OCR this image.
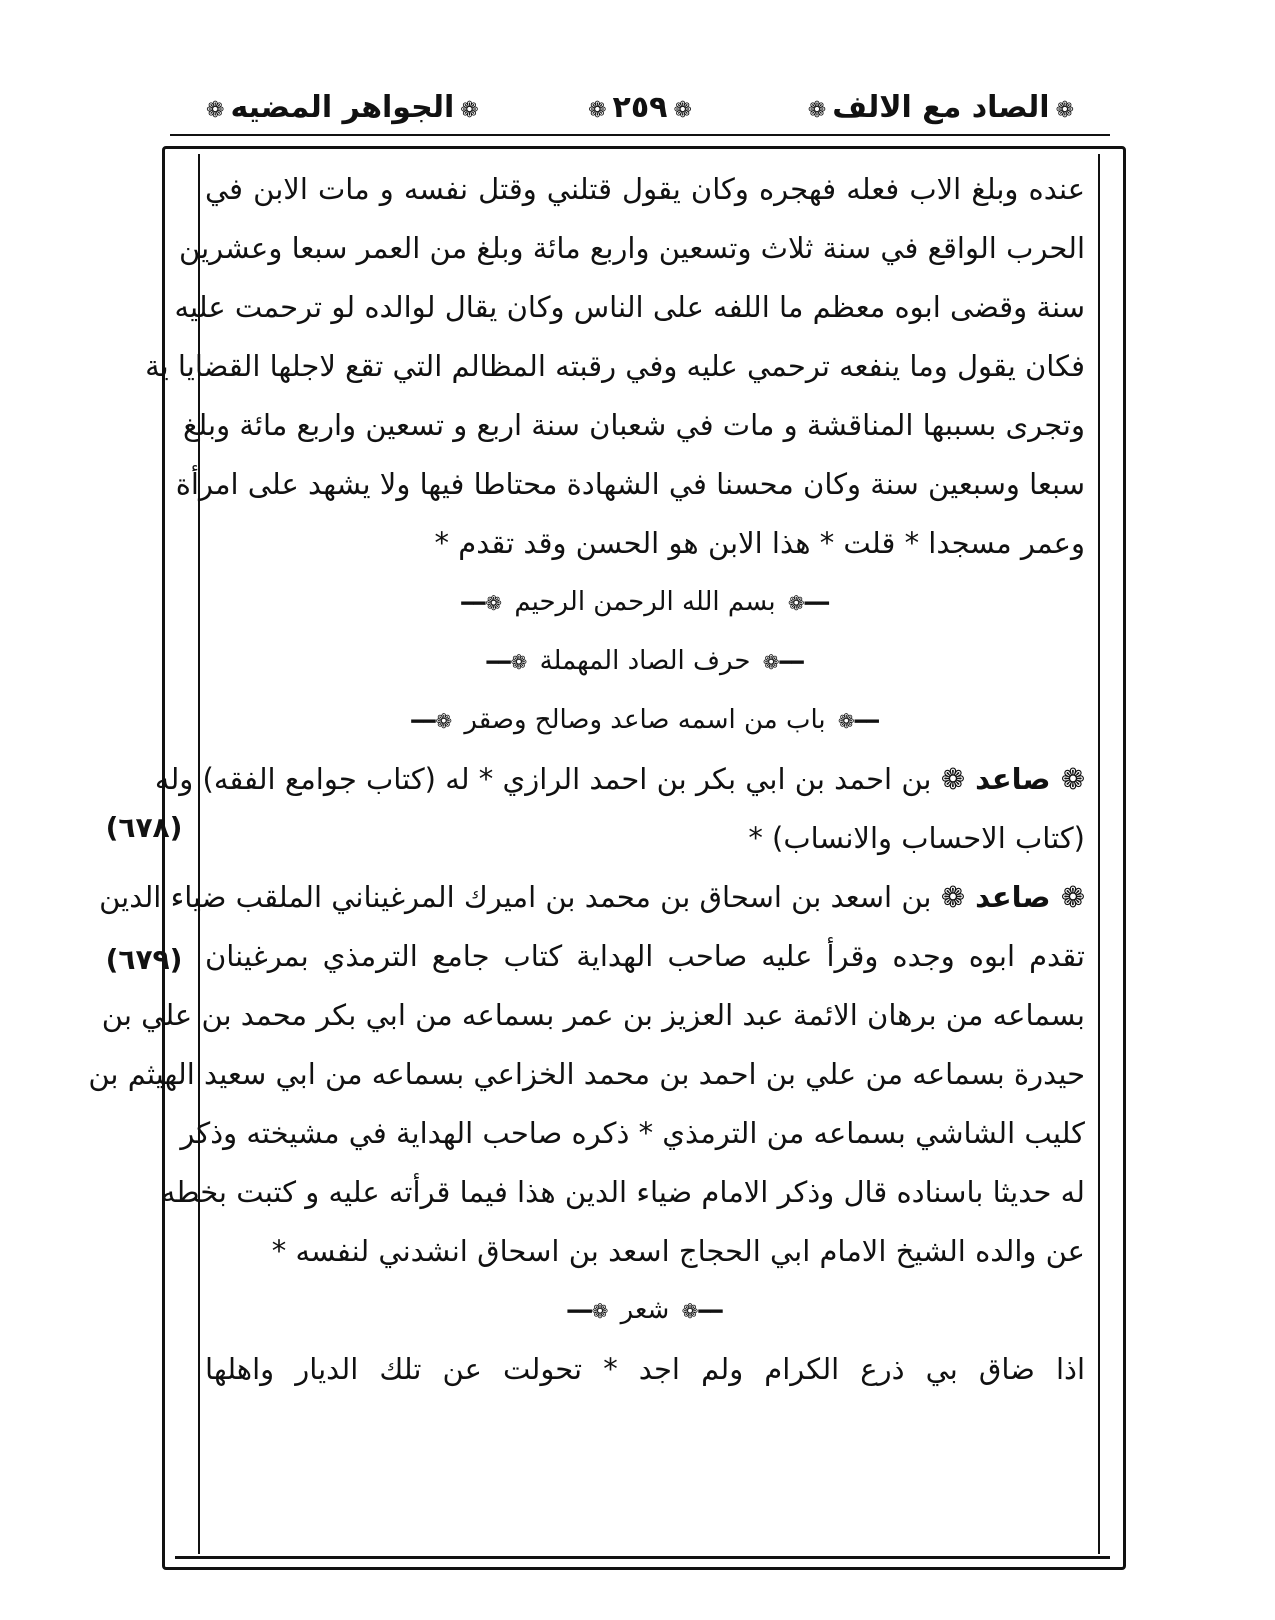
❁الصاد مع الالف❁
❁٢٥٩❁
❁الجواهر المضيه❁
عنده وبلغ الاب فعله فهجره وكان يقول قتلني وقتل نفسه و مات الابن في
الحرب الواقع في سنة ثلاث وتسعين واربع مائة وبلغ من العمر سبعا وعشرين
سنة وقضى ابوه معظم ما اللفه على الناس وكان يقال لوالده لو ترحمت عليه
فكان يقول وما ينفعه ترحمي عليه وفي رقبته المظالم التي تقع لاجلها القضايا ية
وتجرى بسببها المناقشة و مات في شعبان سنة اربع و تسعين واربع مائة وبلغ
سبعا وسبعين سنة وكان محسنا في الشهادة محتاطا فيها ولا يشهد على امرأة
وعمر مسجدا * قلت * هذا الابن هو الحسن وقد تقدم *
━━❁ بسم الله الرحمن الرحيم ❁━━
━━❁ حرف الصاد المهملة ❁━━
━━❁ باب من اسمه صاعد وصالح وصقر ❁━━
❁ صاعد ❁ بن احمد بن ابي بكر بن احمد الرازي * له (كتاب جوامع الفقه) وله
(كتاب الاحساب والانساب) *
❁ صاعد ❁ بن اسعد بن اسحاق بن محمد بن اميرك المرغيناني الملقب ضياء الدين
تقدم ابوه وجده وقرأ عليه صاحب الهداية كتاب جامع الترمذي بمرغينان
بسماعه من برهان الائمة عبد العزيز بن عمر بسماعه من ابي بكر محمد بن علي بن
حيدرة بسماعه من علي بن احمد بن محمد الخزاعي بسماعه من ابي سعيد الهيثم بن
كليب الشاشي بسماعه من الترمذي * ذكره صاحب الهداية في مشيخته وذكر
له حديثا باسناده قال وذكر الامام ضياء الدين هذا فيما قرأته عليه و كتبت بخطه
عن والده الشيخ الامام ابي الحجاج اسعد بن اسحاق انشدني لنفسه *
━━❁ شعر ❁━━
اذا ضاق بي ذرع الكرام ولم اجد * تحولت عن تلك الديار واهلها
(٦٧٨)
(٦٧٩)
